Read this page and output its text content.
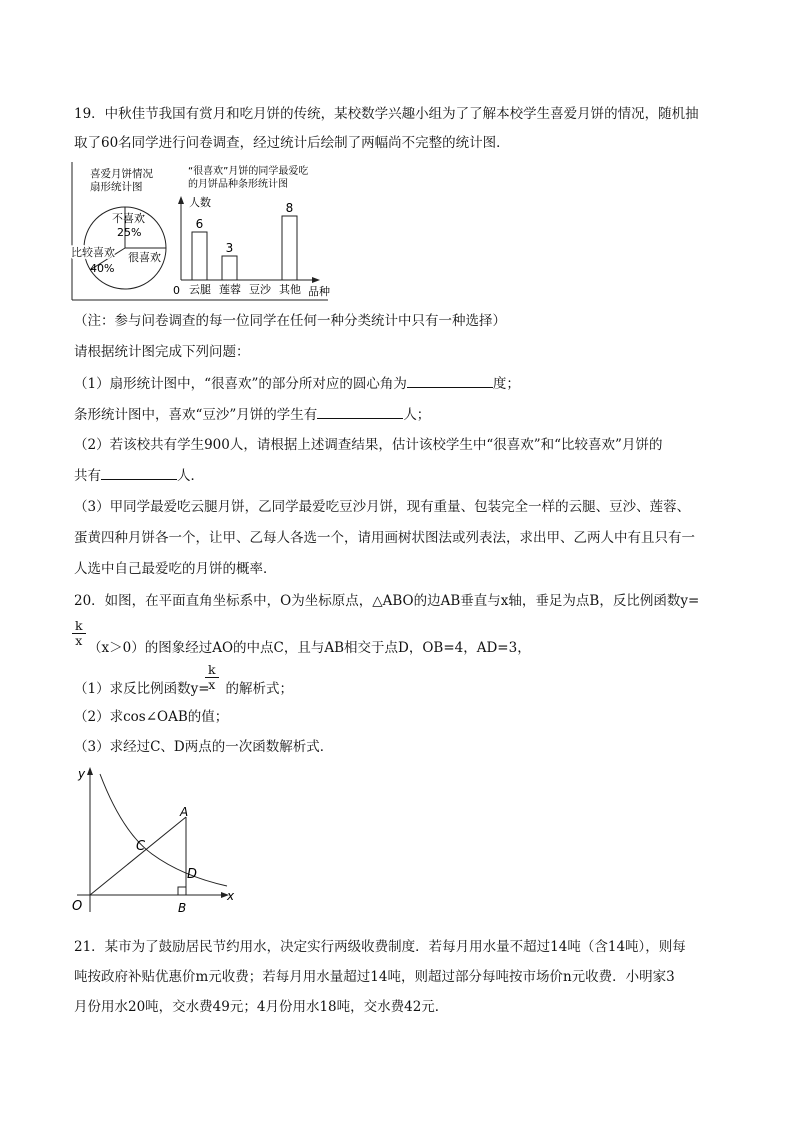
19．中秋佳节我国有赏月和吃月饼的传统，某校数学兴趣小组为了了解本校学生喜爱月饼的情况，随机抽
取了60名同学进行问卷调查，经过统计后绘制了两幅尚不完整的统计图．
喜爱月饼情况
扇形统计图
不喜欢
25%
比较喜欢
40%
很喜欢
“很喜欢”月饼的同学最爱吃
的月饼品种条形统计图
人数
品种
0
6
3
8
云腿 莲蓉 豆沙 其他
（注：参与问卷调查的每一位同学在任何一种分类统计中只有一种选择）
请根据统计图完成下列问题：
（1）扇形统计图中，“很喜欢”的部分所对应的圆心角为	度；
条形统计图中，喜欢“豆沙”月饼的学生有	人；
（2）若该校共有学生900人，请根据上述调查结果，估计该校学生中“很喜欢”和“比较喜欢”月饼的
共有	人．
（3）甲同学最爱吃云腿月饼，乙同学最爱吃豆沙月饼，现有重量、包装完全一样的云腿、豆沙、莲蓉、
蛋黄四种月饼各一个，让甲、乙每人各选一个，请用画树状图法或列表法，求出甲、乙两人中有且只有一
人选中自己最爱吃的月饼的概率．
20．如图，在平面直角坐标系中，O为坐标原点，△ABO的边AB垂直与x轴，垂足为点B，反比例函数y=
$\frac{k}{x} (x>0)$的图象经过AO的中点C，且与AB相交于点D，OB=4，AD=3，
（1）求反比例函数y= 的解析式；
$\frac{k}{x}$
（2）求cos∠OAB的值；
（3）求经过C、D两点的一次函数解析式．
y
x
O
A
B
C
D
21．某市为了鼓励居民节约用水，决定实行两级收费制度．若每月用水量不超过14吨（含14吨），则每
吨按政府补贴优惠价m元收费；若每月用水量超过14吨，则超过部分每吨按市场价n元收费．小明家3
月份用水20吨，交水费49元；4月份用水18吨，交水费42元．
